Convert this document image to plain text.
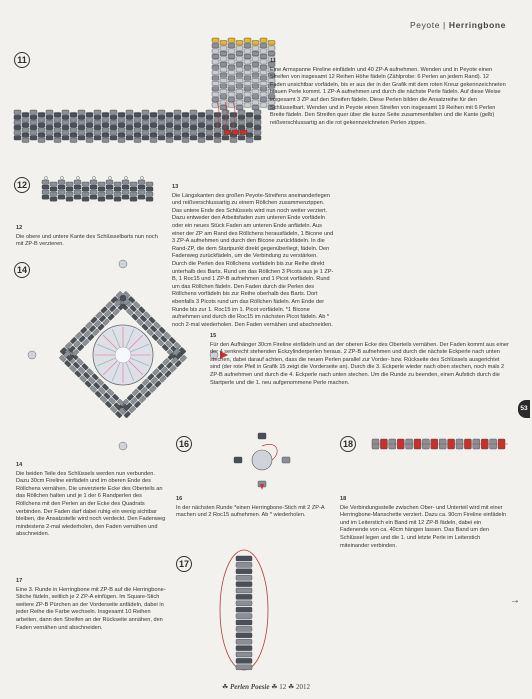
Peyote | Herringbone
11	11
Eine Armspanne Fireline einfädeln und 40 ZP-A aufnehmen. Wenden und in Peyote einen Streifen von insgesamt 12 Reihen Höhe fädeln (Zählprobe: 6 Perlen an jedem Rand). 12 Faden unsichtbar vorfädeln, bis er aus der in der Grafik mit dem roten Kreuz gekennzeichneten blauen Perle kommt. 1 ZP-A aufnehmen und durch die nächste Perle fädeln. Auf diese Weise insgesamt 3 ZP auf den Streifen fädeln. Diese Perlen bilden die Ansatzreihe für den Schlüsselbart. Wenden und in Peyote einen Streifen von insgesamt 19 Reihen mit 6 Perlen Breite fädeln. Den Streifen quer über die kurze Seite zusammenfalten und die Kante (gelb) reißverschlussartig an die rot gekennzeichneten Perlen zippen.
12
12
Die obere und untere Kante des Schlüsselbarts nun noch mit ZP-B verzieren.
13
Die Längskanten des großen Peyote-Streifens aneinanderlegen und reißverschlussartig zu einem Röllchen zusammenzippen. Das untere Ende des Schlüssels wird nun noch weiter verziert. Dazu entweder den Arbeitsfaden zum unteren Ende vorfädeln oder ein neues Stück Faden am unteren Ende anfädeln. Aus einer der ZP am Rand des Röllchens herausfädeln, 1 Bicone und 3 ZP-A aufnehmen und durch den Bicone zurückfädeln. In die Rand-ZP, die dem Startpunkt direkt gegenüberliegt, fädeln. Den Fadenweg zurückfädeln, um die Verbindung zu verstärken. Durch die Perlen des Röllchens vorfädeln bis zur Reihe direkt unterhalb des Barts. Rund um das Röllchen 3 Picots aus je 1 ZP-B, 1 Roc15 und 1 ZP-B aufnehmen und 1 Picot vorfädeln. Rund um das Röllchen fädeln. Den Faden durch die Perlen des Röllchens vorfädeln bis zur Reihe oberhalb des Barts. Dort ebenfalls 3 Picots rund um das Röllchen fädeln. Am Ende der Runde bis zur 1. Roc15 im 1. Picot vorfädeln. *1 Bicone aufnehmen und durch die Roc15 im nächsten Picot fädeln. Ab * noch 2-mal wiederholen. Den Faden vernähen und abschneiden.
14
14
Die beiden Teile des Schlüssels werden nun verbunden. Dazu 30cm Fireline einfädeln und im oberen Ende des Röllchens vernähen. Die unverzierte Ecke des Oberteils an das Röllchen halten und je 1 der 6 Randperlen des Röllchens mit den Perlen an der Ecke des Quadrats verbinden. Der Faden darf dabei ruhig ein wenig sichtbar bleiben, die Ansatzstelle wird noch verdeckt. Den Fadenweg mindestens 2-mal wiederholen, den Faden vernähen und abschneiden.
15
Für den Aufhänger 30cm Fireline einfädeln und an der oberen Ecke des Oberteils vernähen. Der Faden kommt aus einer der 4 senkrecht stehenden Eckzylinderperlen heraus. 2 ZP-B aufnehmen und durch die nächste Eckperle nach unten stechen, dabei darauf achten, dass die neuen Perlen parallel zur Vorder- bzw. Rückseite des Schlüssels ausgerichtet sind (der rote Pfeil in Grafik 15 zeigt die Vorderseite an). Durch die 3. Eckperle wieder nach oben stechen, noch mals 2 ZP-B aufnehmen und durch die 4. Eckperle nach unten stechen. Um die Runde zu beenden, einen Aufstich durch die Startperle und die 1. neu aufgenommene Perle machen.
16
16
In der nächsten Runde *einen Herringbone-Stich mit 2 ZP-A machen und 2 Roc15 aufnehmen. Ab * wiederholen.
17
17
Eine 3. Runde in Herringbone mit ZP-B auf die Herringbone-Stiche fädeln, seitlich je 2 ZP-A einfügen. Im Square-Stich weitere ZP-B Pürchen an der Vorderseite anfädeln, dabei in jeder Reihe die Farbe wechseln. Insgesamt 10 Reihen arbeiten, dann den Streifen an der Rückseite annähen, den Faden vernähen und abschneiden.
18
18
Die Verbindungsstelle zwischen Ober- und Unterteil wird mit einer Herringbone-Manschette verziert. Dazu ca. 90cm Fireline einfädeln und im Leiterstich ein Band mit 12 ZP-B fädeln, dabei ein Fadenende von ca. 40cm hängen lassen. Das Band um den Schlüssel legen und die 1. und letzte Perle im Leiterstich miteinander verbinden.
53
→
☘ Perlen Poesie ☘ 12 ☘ 2012
